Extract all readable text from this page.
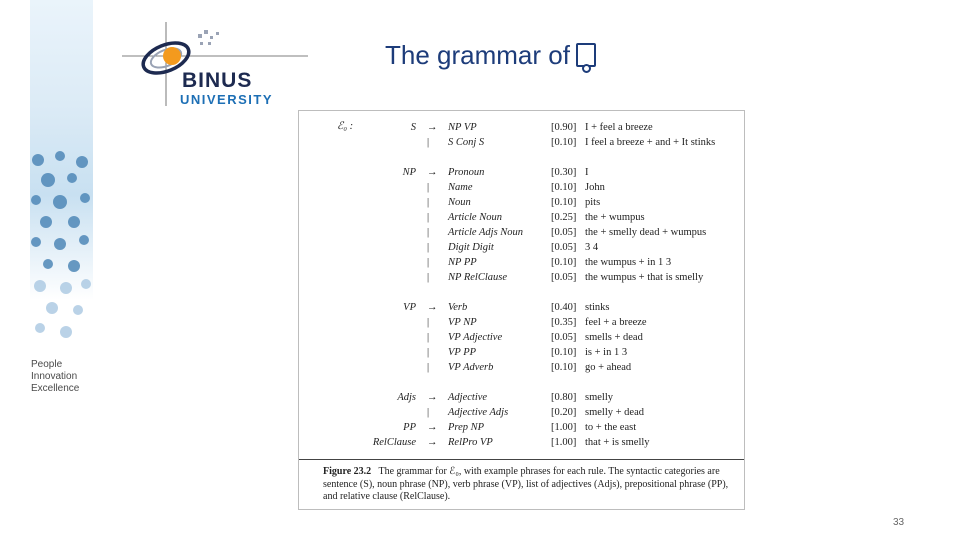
People
Innovation
Excellence
BINUS
UNIVERSITY
The grammar of
S → NP VP	[0.90] I + feel a breeze
| S Conj S	[0.10] I feel a breeze + and + It stinks
NP → Pronoun	[0.30] I
| Name	[0.10] John
| Noun	[0.10] pits
| Article Noun	[0.25] the + wumpus
| Article Adjs Noun	[0.05] the + smelly dead + wumpus
| Digit Digit	[0.05] 3 4
| NP PP	[0.10] the wumpus + in 1 3
| NP RelClause	[0.05] the wumpus + that is smelly
VP → Verb	[0.40] stinks
| VP NP	[0.35] feel + a breeze
| VP Adjective	[0.05] smells + dead
| VP PP	[0.10] is + in 1 3
| VP Adverb	[0.10] go + ahead
Adjs → Adjective	[0.80] smelly
| Adjective Adjs	[0.20] smelly + dead
PP → Prep NP	[1.00] to + the east
RelClause → RelPro VP	[1.00] that + is smelly
ℰ₀ :
Figure 23.2 The grammar for ℰ₀, with example phrases for each rule. The syntactic categories are sentence (S), noun phrase (NP), verb phrase (VP), list of adjectives (Adjs), prepositional phrase (PP), and relative clause (RelClause).
33
